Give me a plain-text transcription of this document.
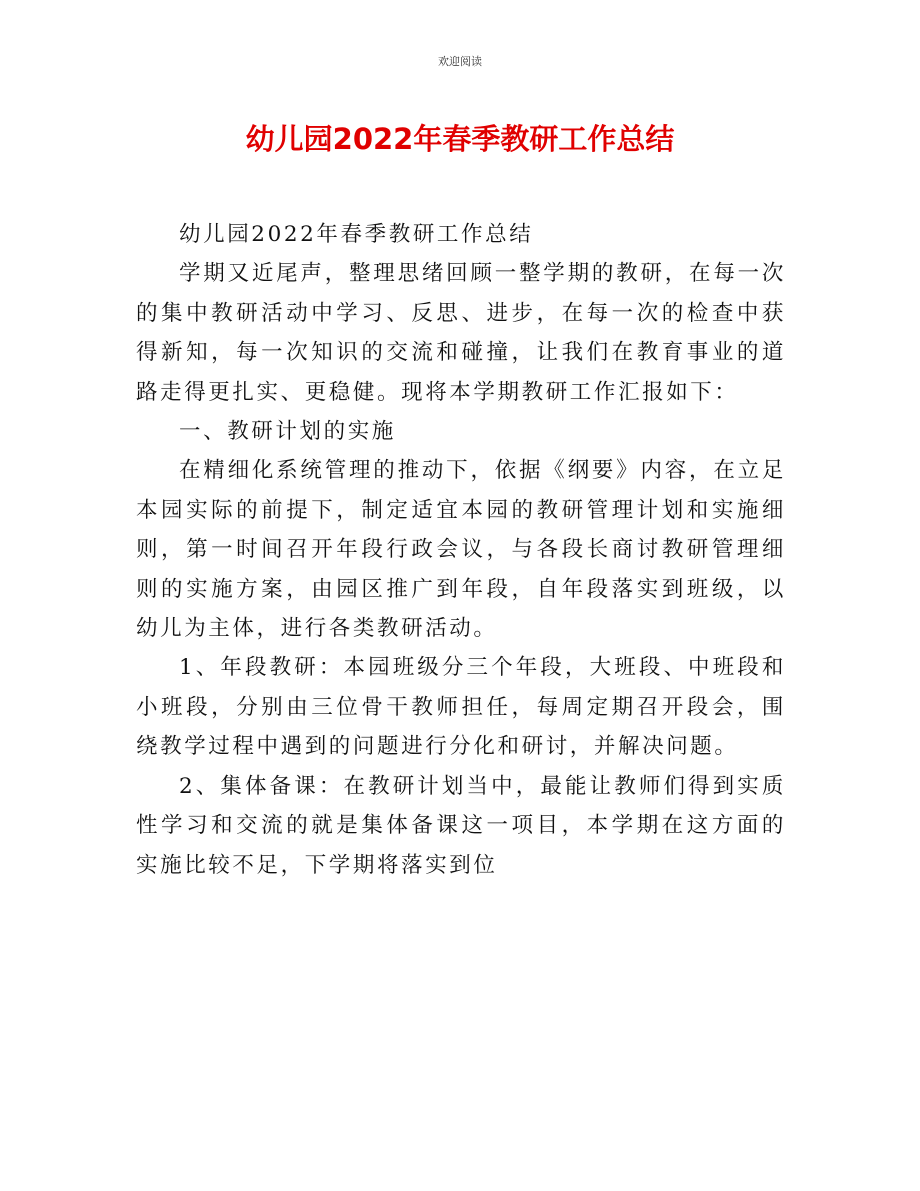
欢迎阅读
幼儿园2022年春季教研工作总结

幼儿园2022年春季教研工作总结

学期又近尾声，整理思绪回顾一整学期的教研，在每一次的集中教研活动中学习、反思、进步，在每一次的检查中获得新知，每一次知识的交流和碰撞，让我们在教育事业的道路走得更扎实、更稳健。现将本学期教研工作汇报如下：

一、教研计划的实施

在精细化系统管理的推动下，依据《纲要》内容，在立足本园实际的前提下，制定适宜本园的教研管理计划和实施细则，第一时间召开年段行政会议，与各段长商讨教研管理细则的实施方案，由园区推广到年段，自年段落实到班级，以幼儿为主体，进行各类教研活动。

1、年段教研：本园班级分三个年段，大班段、中班段和小班段，分别由三位骨干教师担任，每周定期召开段会，围绕教学过程中遇到的问题进行分化和研讨，并解决问题。

2、集体备课：在教研计划当中，最能让教师们得到实质性学习和交流的就是集体备课这一项目，本学期在这方面的实施比较不足，下学期将落实到位
